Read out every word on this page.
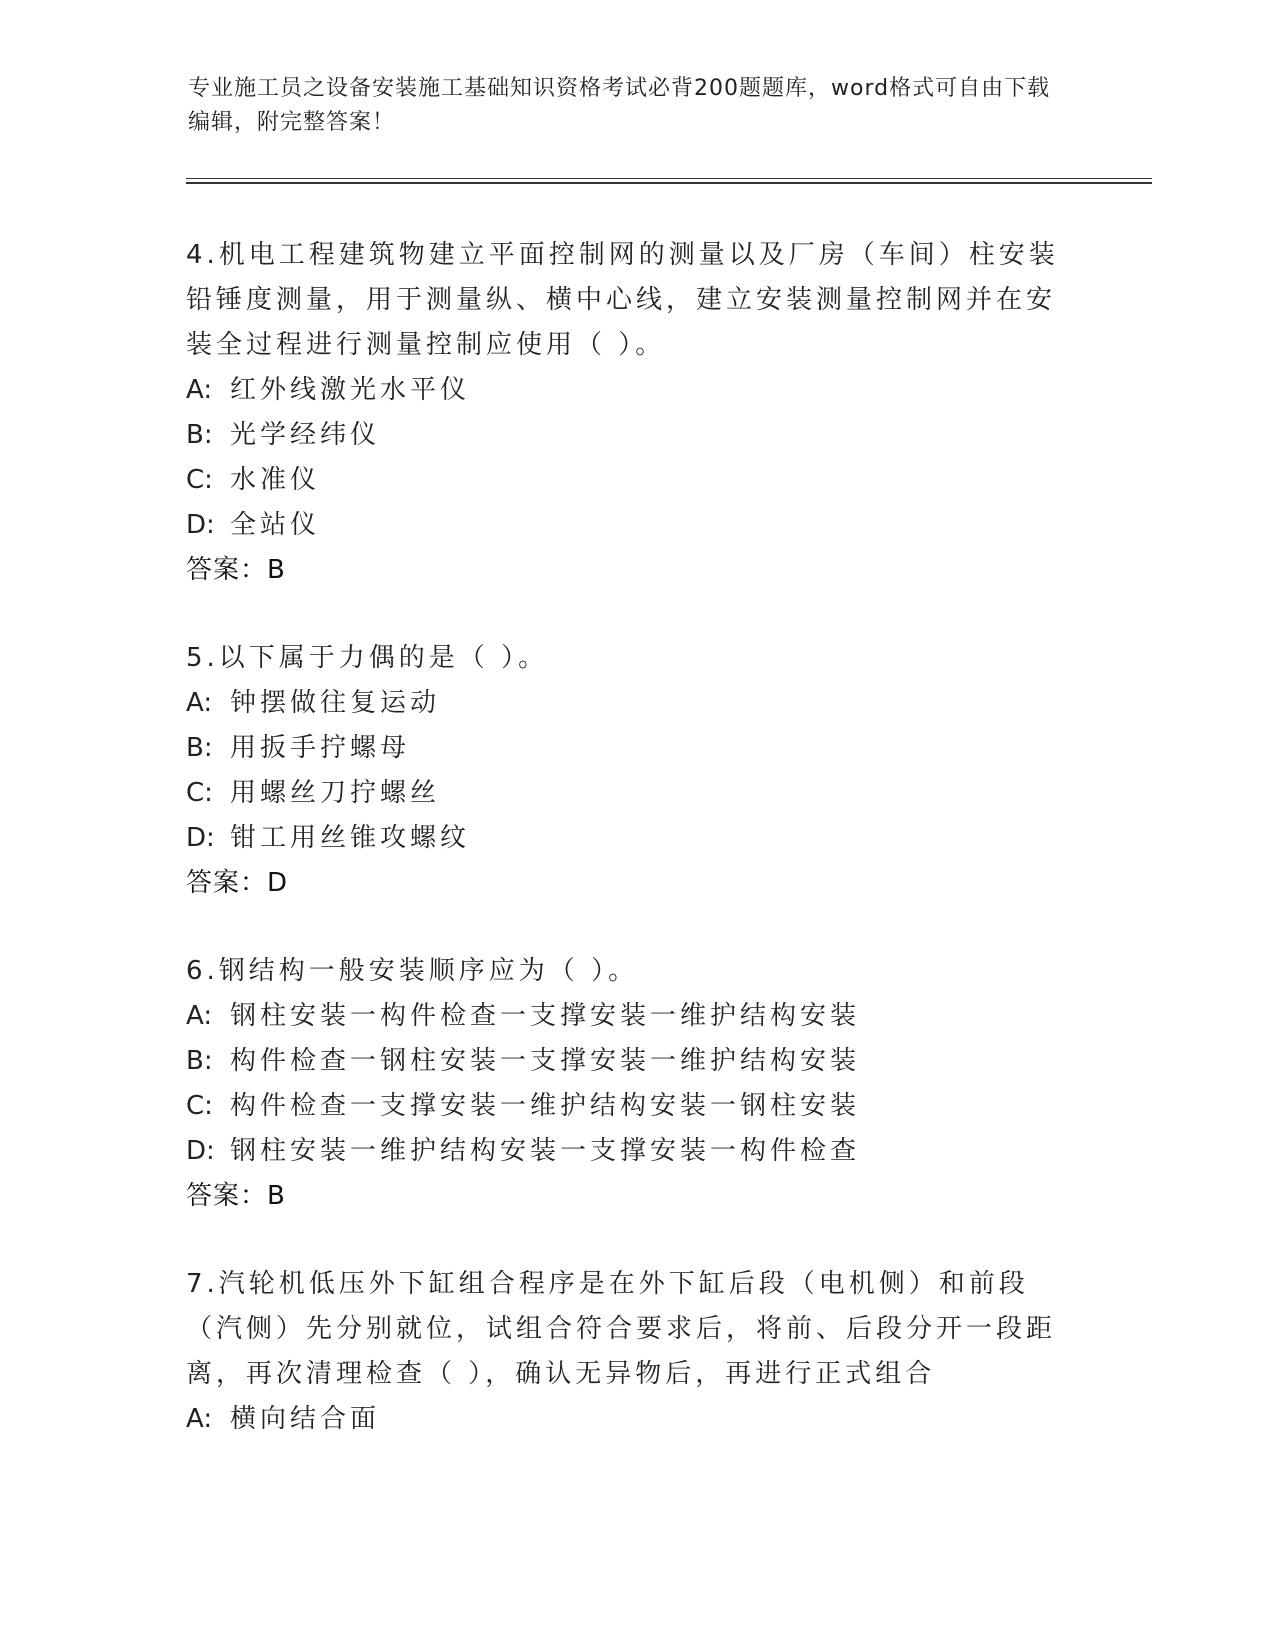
专业施工员之设备安装施工基础知识资格考试必背200题题库，word格式可自由下载编辑，附完整答案！
4.机电工程建筑物建立平面控制网的测量以及厂房（车间）柱安装铅锤度测量，用于测量纵、横中心线，建立安装测量控制网并在安装全过程进行测量控制应使用（ ）。
A: 红外线激光水平仪
B: 光学经纬仪
C: 水准仪
D: 全站仪
答案：B
5.以下属于力偶的是（ ）。
A: 钟摆做往复运动
B: 用扳手拧螺母
C: 用螺丝刀拧螺丝
D: 钳工用丝锥攻螺纹
答案：D
6.钢结构一般安装顺序应为（ ）。
A: 钢柱安装一构件检查一支撑安装一维护结构安装
B: 构件检查一钢柱安装一支撑安装一维护结构安装
C: 构件检查一支撑安装一维护结构安装一钢柱安装
D: 钢柱安装一维护结构安装一支撑安装一构件检查
答案：B
7.汽轮机低压外下缸组合程序是在外下缸后段（电机侧）和前段（汽侧）先分别就位，试组合符合要求后，将前、后段分开一段距离，再次清理检查（ ），确认无异物后，再进行正式组合
A: 横向结合面
